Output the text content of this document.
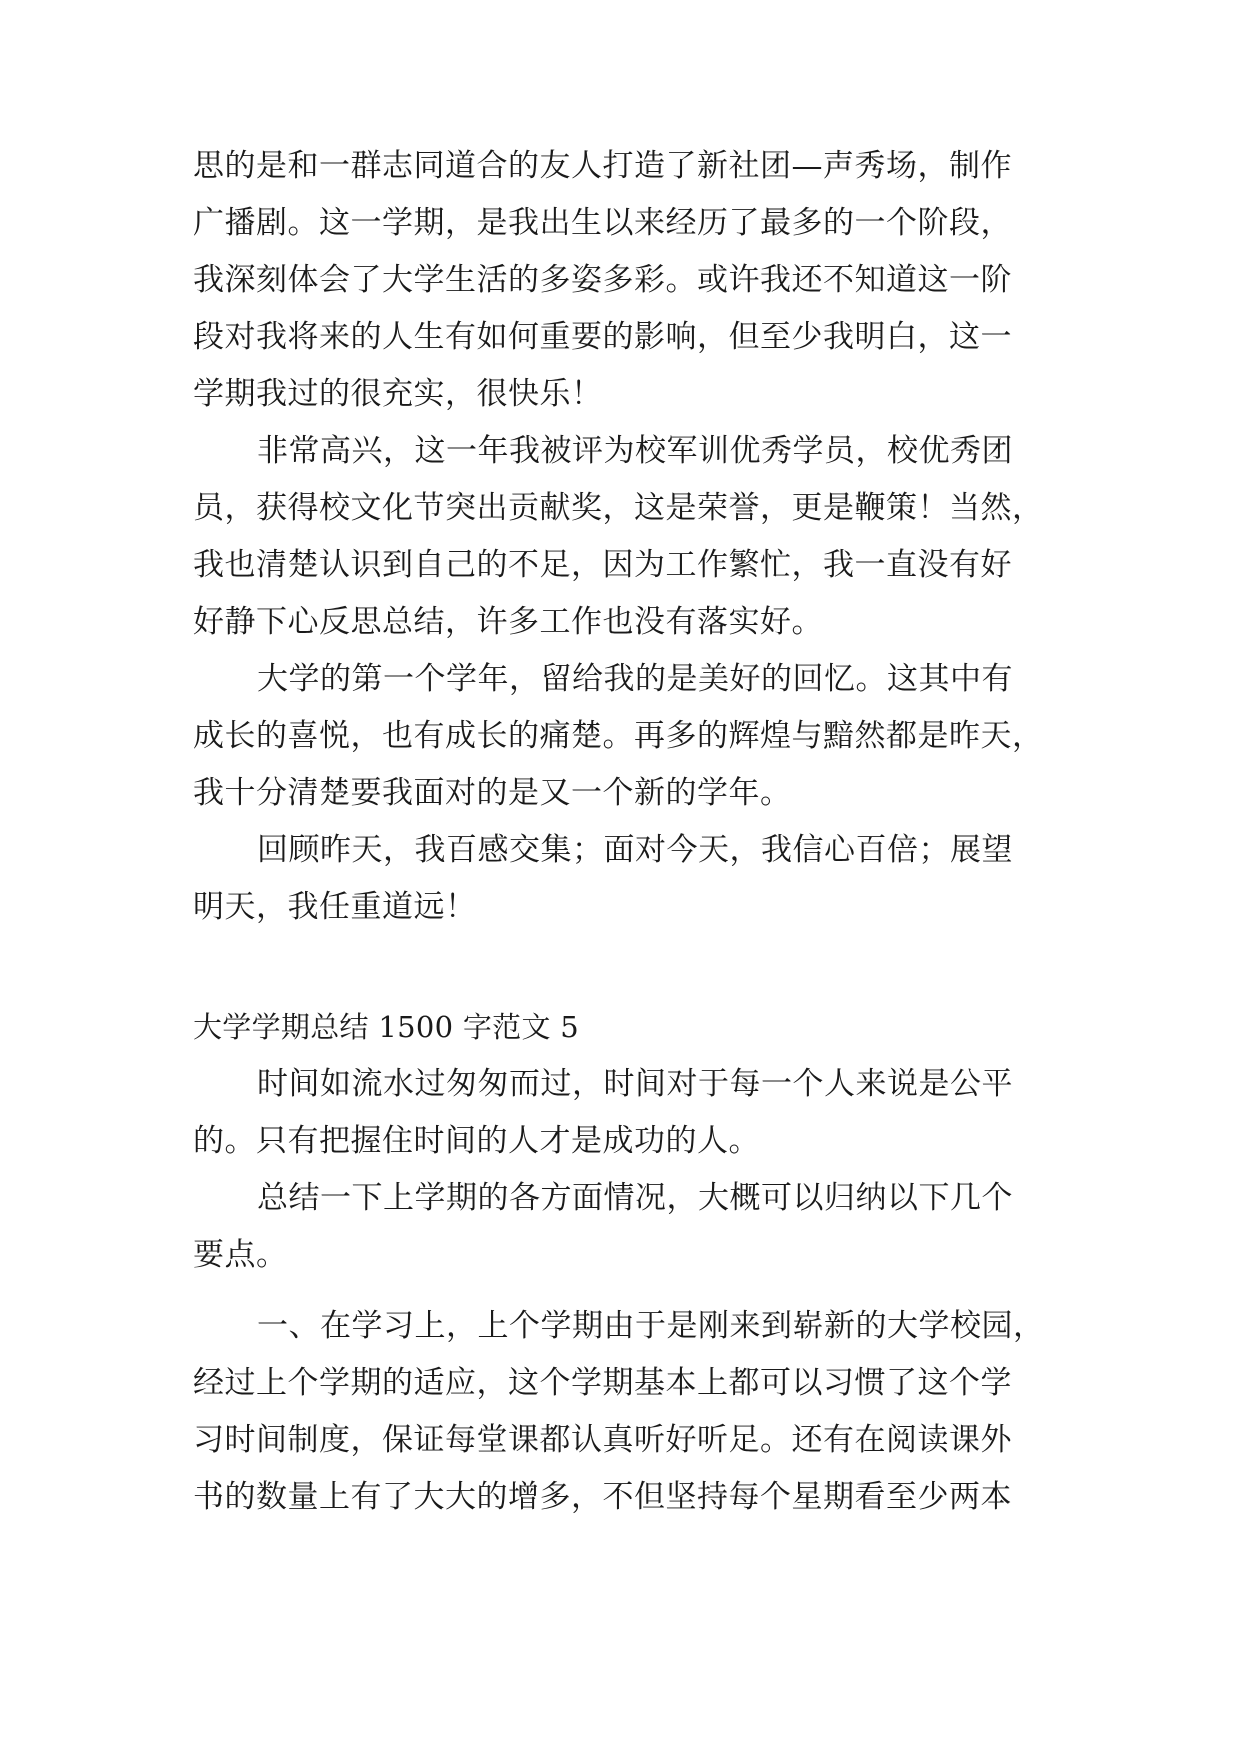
思的是和一群志同道合的友人打造了新社团—声秀场，制作
广播剧。这一学期，是我出生以来经历了最多的一个阶段，
我深刻体会了大学生活的多姿多彩。或许我还不知道这一阶
段对我将来的人生有如何重要的影响，但至少我明白，这一
学期我过的很充实，很快乐！
非常高兴，这一年我被评为校军训优秀学员，校优秀团
员，获得校文化节突出贡献奖，这是荣誉，更是鞭策！当然，
我也清楚认识到自己的不足，因为工作繁忙，我一直没有好
好静下心反思总结，许多工作也没有落实好。
大学的第一个学年，留给我的是美好的回忆。这其中有
成长的喜悦，也有成长的痛楚。再多的辉煌与黯然都是昨天，
我十分清楚要我面对的是又一个新的学年。
回顾昨天，我百感交集；面对今天，我信心百倍；展望
明天，我任重道远！
大学学期总结 1500 字范文 5
时间如流水过匆匆而过，时间对于每一个人来说是公平
的。只有把握住时间的人才是成功的人。
总结一下上学期的各方面情况，大概可以归纳以下几个
要点。
一、在学习上，上个学期由于是刚来到崭新的大学校园，
经过上个学期的适应，这个学期基本上都可以习惯了这个学
习时间制度，保证每堂课都认真听好听足。还有在阅读课外
书的数量上有了大大的增多，不但坚持每个星期看至少两本
